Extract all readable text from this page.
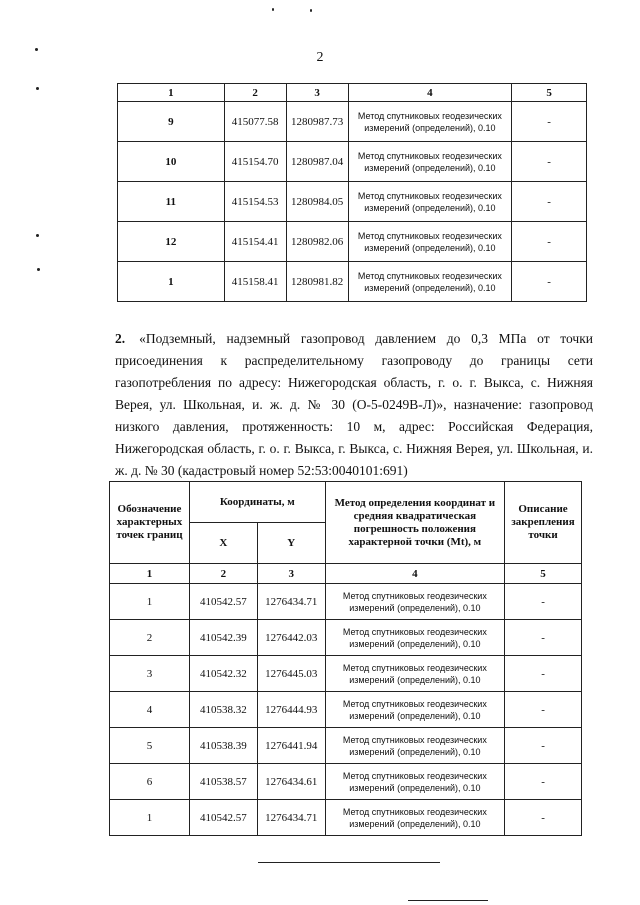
2
1	2	3	4	5
9	415077.58	1280987.73	Метод спутниковых геодезических измерений (определений), 0.10	-
10	415154.70	1280987.04	Метод спутниковых геодезических измерений (определений), 0.10	-
11	415154.53	1280984.05	Метод спутниковых геодезических измерений (определений), 0.10	-
12	415154.41	1280982.06	Метод спутниковых геодезических измерений (определений), 0.10	-
1	415158.41	1280981.82	Метод спутниковых геодезических измерений (определений), 0.10	-
2. «Подземный, надземный газопровод давлением до 0,3 МПа от точки присоединения к распределительному газопроводу до границы сети газопотребления по адресу: Нижегородская область, г. о. г. Выкса, с. Нижняя Верея, ул. Школьная, и. ж. д. № 30 (О-5-0249В-Л)», назначение: газопровод низкого давления, протяженность: 10 м, адрес: Российская Федерация, Нижегородская область, г. о. г. Выкса, г. Выкса, с. Нижняя Верея, ул. Школьная, и. ж. д. № 30 (кадастровый номер 52:53:0040101:691)
Обозначение характерных точек границ	Координаты, м		Метод определения координат и средняя квадратическая погрешность положения характерной точки (Mt), м	Описание закрепления точки
	X	Y		
1	2	3	4	5
1	410542.57	1276434.71	Метод спутниковых геодезических измерений (определений), 0.10	-
2	410542.39	1276442.03	Метод спутниковых геодезических измерений (определений), 0.10	-
3	410542.32	1276445.03	Метод спутниковых геодезических измерений (определений), 0.10	-
4	410538.32	1276444.93	Метод спутниковых геодезических измерений (определений), 0.10	-
5	410538.39	1276441.94	Метод спутниковых геодезических измерений (определений), 0.10	-
6	410538.57	1276434.61	Метод спутниковых геодезических измерений (определений), 0.10	-
1	410542.57	1276434.71	Метод спутниковых геодезических измерений (определений), 0.10	-
